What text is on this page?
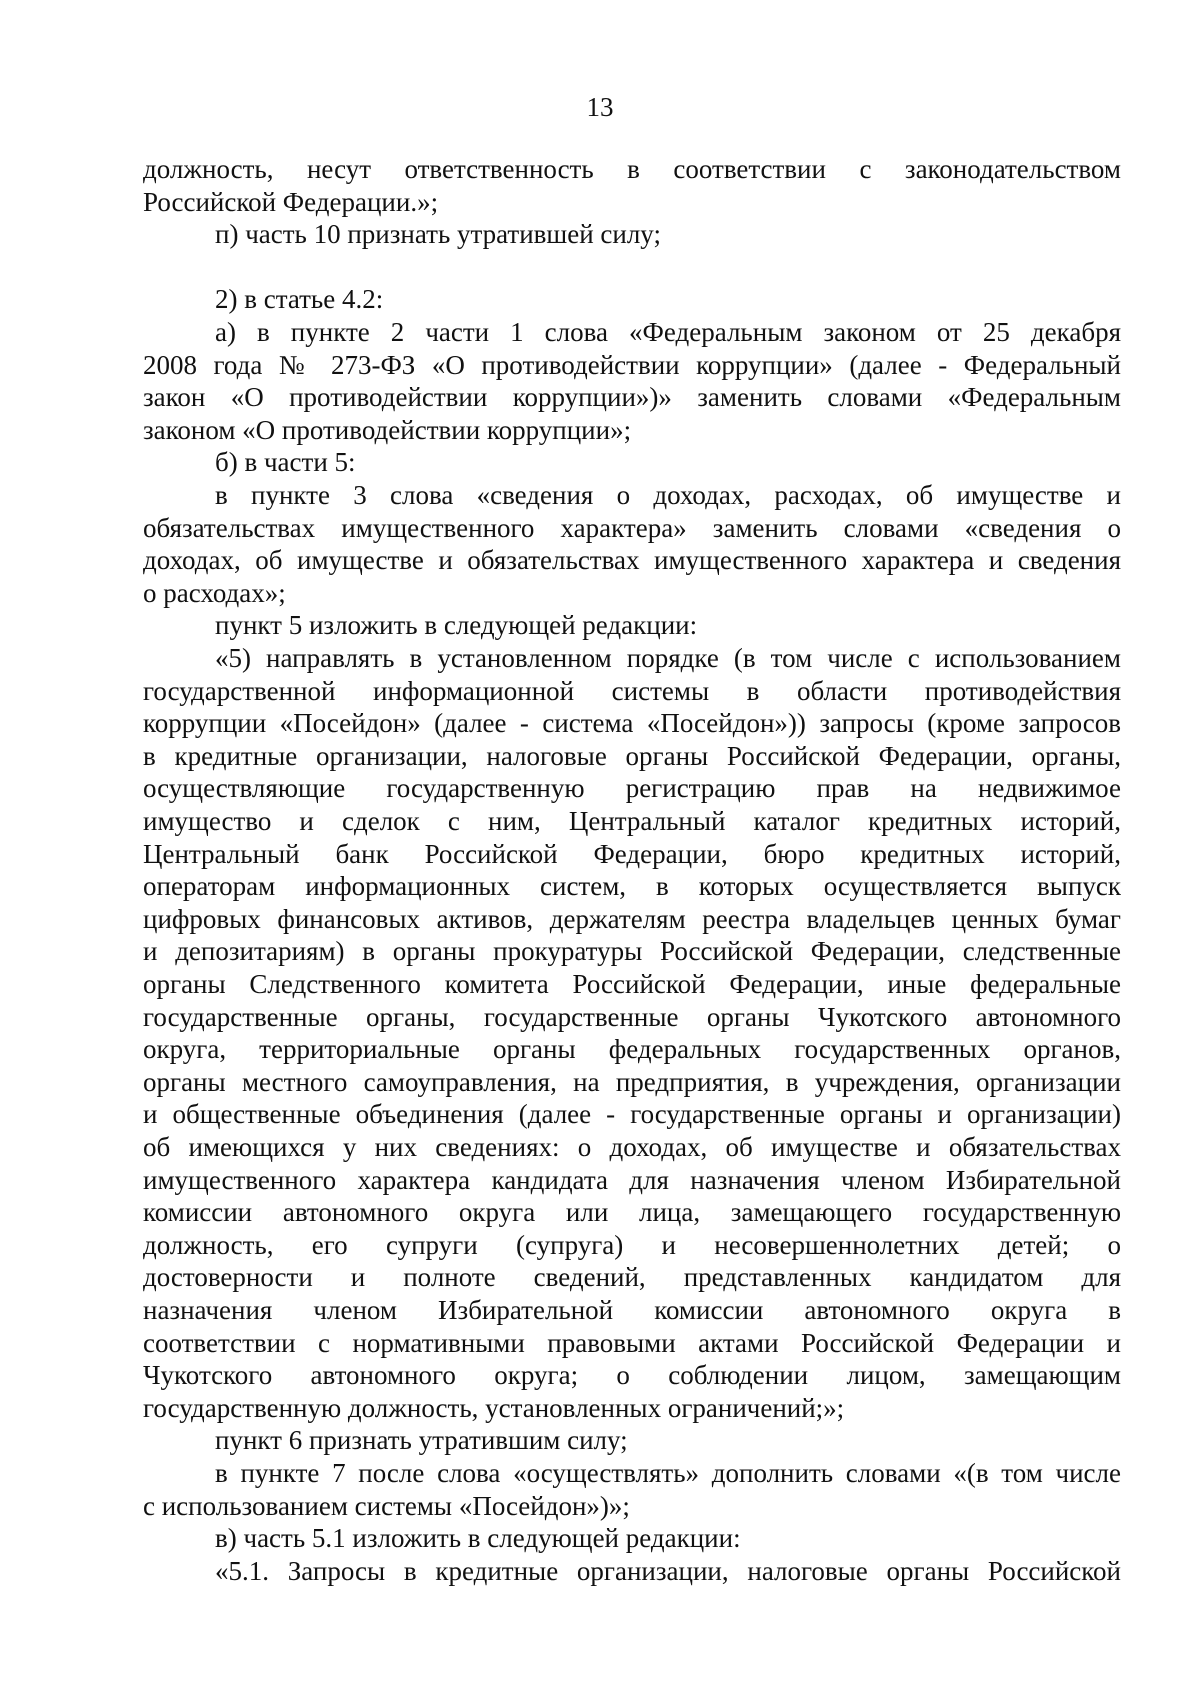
13
должность, несут ответственность в соответствии с законодательством
Российской Федерации.»;
п) часть 10 признать утратившей силу;
2) в статье 4.2:
а) в пункте 2 части 1 слова «Федеральным законом от 25 декабря
2008 года № 273-ФЗ «О противодействии коррупции» (далее - Федеральный
закон «О противодействии коррупции»)» заменить словами «Федеральным
законом «О противодействии коррупции»;
б) в части 5:
в пункте 3 слова «сведения о доходах, расходах, об имуществе и
обязательствах имущественного характера» заменить словами «сведения о
доходах, об имуществе и обязательствах имущественного характера и сведения
о расходах»;
пункт 5 изложить в следующей редакции:
«5) направлять в установленном порядке (в том числе с использованием
государственной информационной системы в области противодействия
коррупции «Посейдон» (далее - система «Посейдон»)) запросы (кроме запросов
в кредитные организации, налоговые органы Российской Федерации, органы,
осуществляющие государственную регистрацию прав на недвижимое
имущество и сделок с ним, Центральный каталог кредитных историй,
Центральный банк Российской Федерации, бюро кредитных историй,
операторам информационных систем, в которых осуществляется выпуск
цифровых финансовых активов, держателям реестра владельцев ценных бумаг
и депозитариям) в органы прокуратуры Российской Федерации, следственные
органы Следственного комитета Российской Федерации, иные федеральные
государственные органы, государственные органы Чукотского автономного
округа, территориальные органы федеральных государственных органов,
органы местного самоуправления, на предприятия, в учреждения, организации
и общественные объединения (далее - государственные органы и организации)
об имеющихся у них сведениях: о доходах, об имуществе и обязательствах
имущественного характера кандидата для назначения членом Избирательной
комиссии автономного округа или лица, замещающего государственную
должность, его супруги (супруга) и несовершеннолетних детей; о
достоверности и полноте сведений, представленных кандидатом для
назначения членом Избирательной комиссии автономного округа в
соответствии с нормативными правовыми актами Российской Федерации и
Чукотского автономного округа; о соблюдении лицом, замещающим
государственную должность, установленных ограничений;»;
пункт 6 признать утратившим силу;
в пункте 7 после слова «осуществлять» дополнить словами «(в том числе
с использованием системы «Посейдон»)»;
в) часть 5.1 изложить в следующей редакции:
«5.1. Запросы в кредитные организации, налоговые органы Российской
